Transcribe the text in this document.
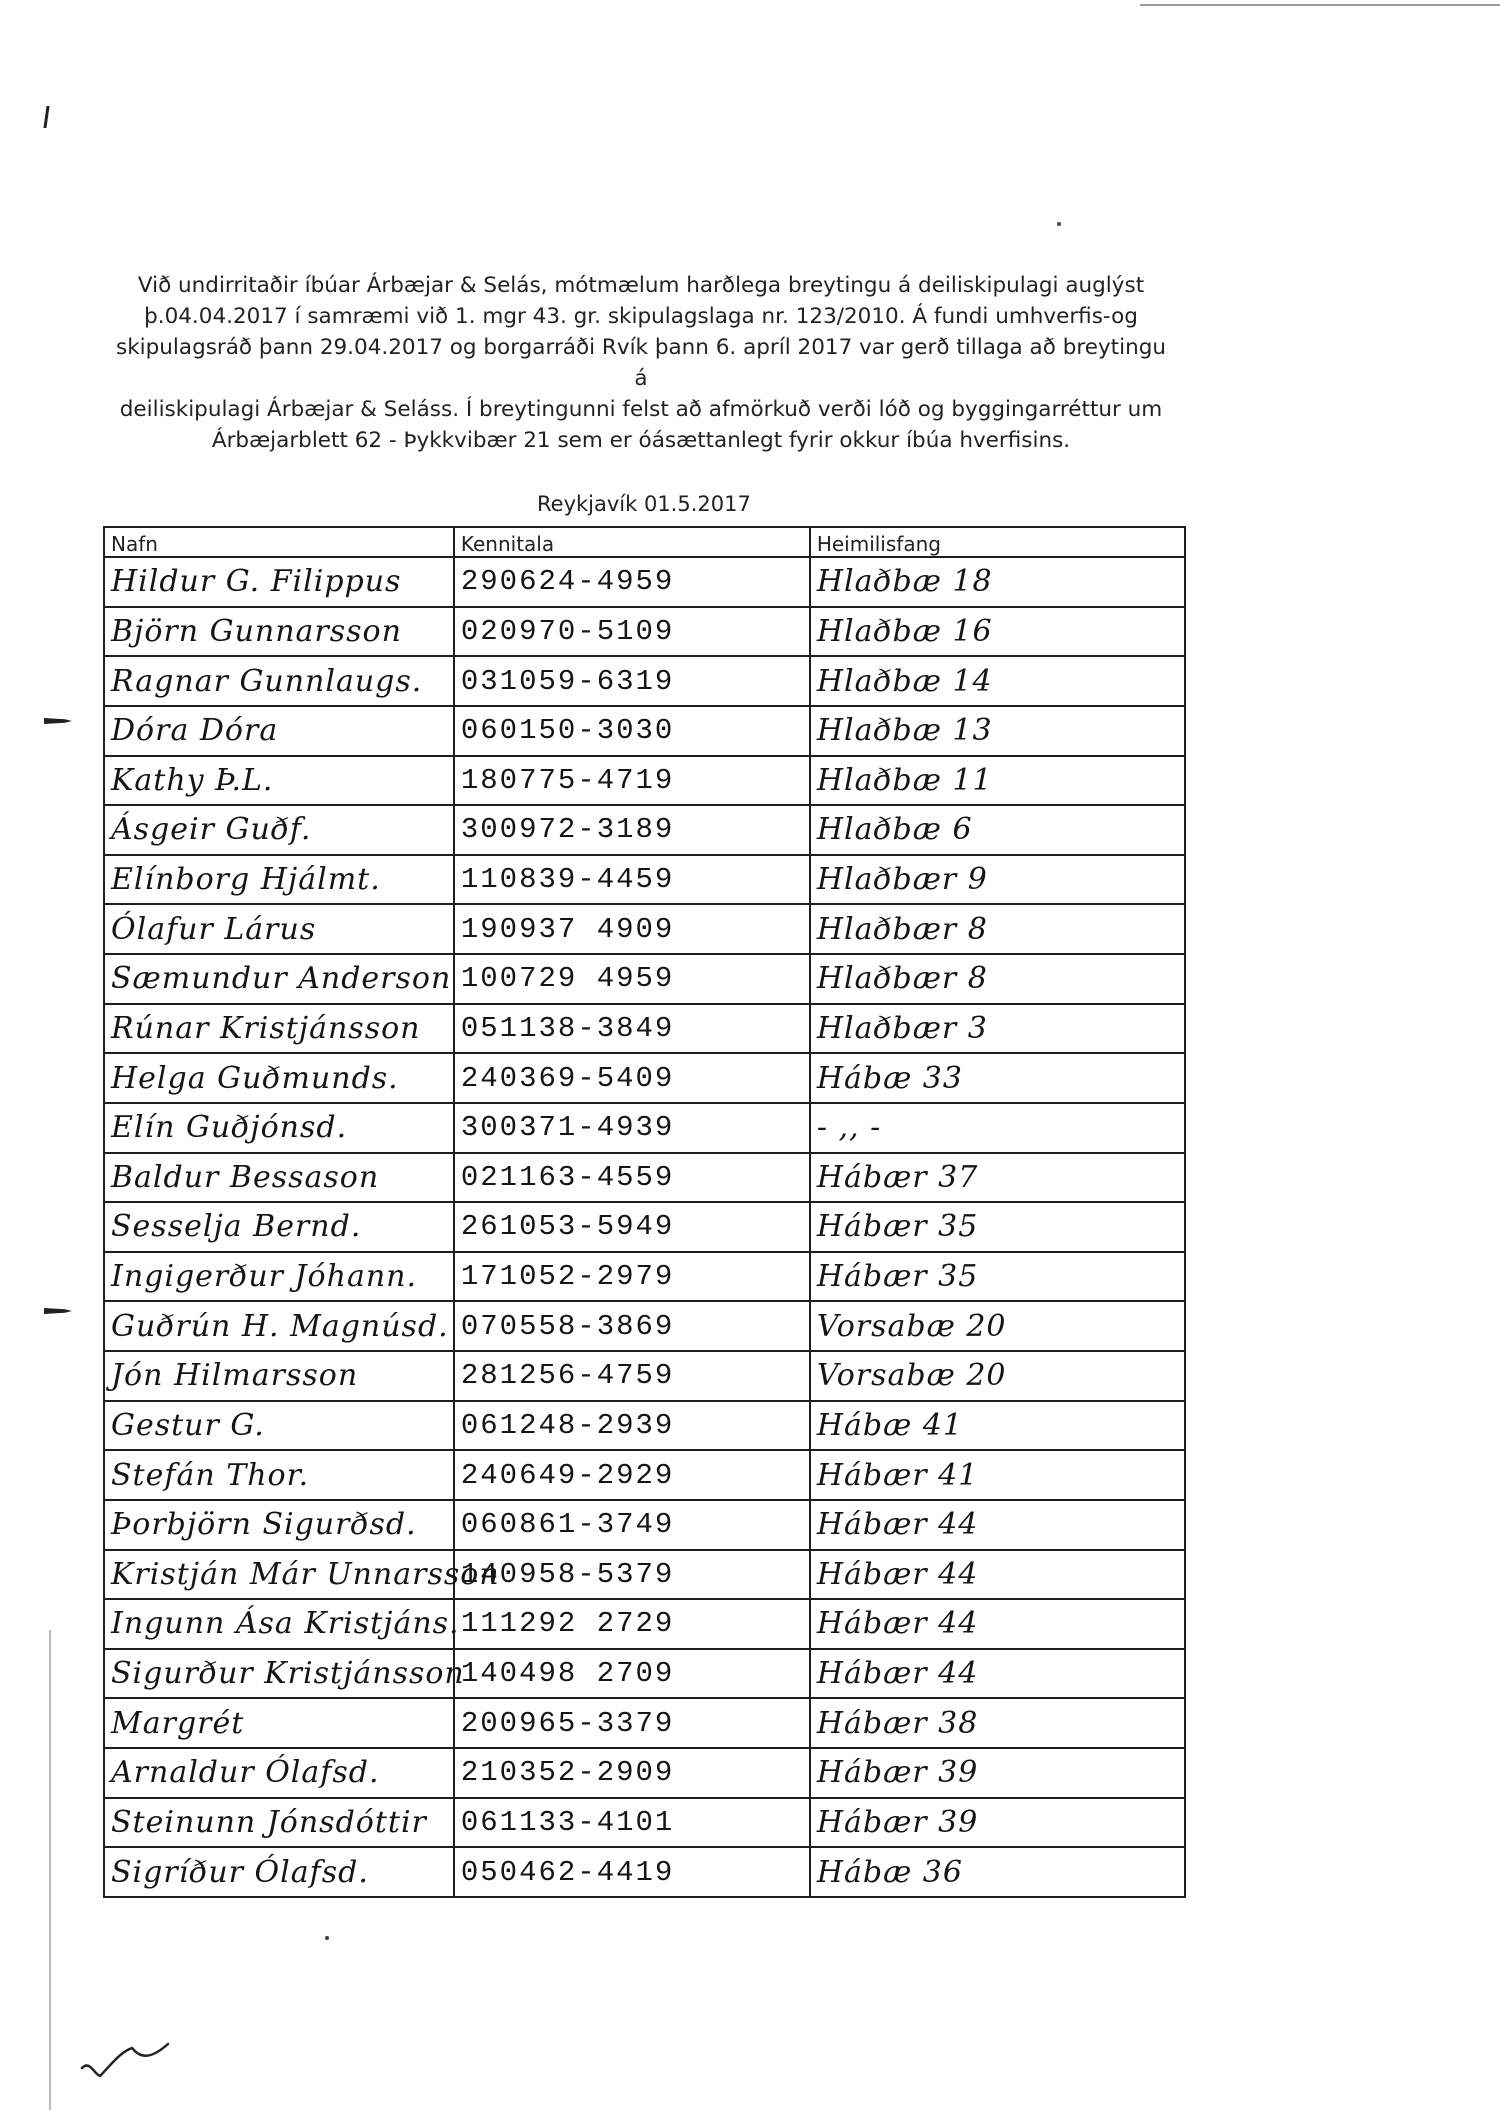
Við undirritaðir íbúar Árbæjar & Selás, mótmælum harðlega breytingu á deiliskipulagi auglýst
þ.04.04.2017 í samræmi við 1. mgr 43. gr. skipulagslaga nr. 123/2010. Á fundi umhverfis-og
skipulagsráð þann 29.04.2017 og borgarráði Rvík þann 6. apríl 2017 var gerð tillaga að breytingu á
deiliskipulagi Árbæjar & Seláss. Í breytingunni felst að afmörkuð verði lóð og byggingarréttur um
Árbæjarblett 62 - Þykkvibær 21 sem er óásættanlegt fyrir okkur íbúa hverfisins.
Reykjavík 01.5.2017
Nafn	Kennitala	Heimilisfang
Hildur G. Filippus	290624-4959	Hlaðbæ 18
Björn Gunnarsson	020970-5109	Hlaðbæ 16
Ragnar Gunnlaugs.	031059-6319	Hlaðbæ 14
Dóra Dóra	060150-3030	Hlaðbæ 13
Kathy Þ.L.	180775-4719	Hlaðbæ 11
Ásgeir Guðf.	300972-3189	Hlaðbæ 6
Elínborg Hjálmt.	110839-4459	Hlaðbær 9
Ólafur Lárus	190937 4909	Hlaðbær 8
Sæmundur Anderson	100729 4959	Hlaðbær 8
Rúnar Kristjánsson	051138-3849	Hlaðbær 3
Helga Guðmunds.	240369-5409	Hábæ 33
Elín Guðjónsd.	300371-4939	- ,, -
Baldur Bessason	021163-4559	Hábær 37
Sesselja Bernd.	261053-5949	Hábær 35
Ingigerður Jóhann.	171052-2979	Hábær 35
Guðrún H. Magnúsd.	070558-3869	Vorsabæ 20
Jón Hilmarsson	281256-4759	Vorsabæ 20
Gestur G.	061248-2939	Hábæ 41
Stefán Thor.	240649-2929	Hábær 41
Þorbjörn Sigurðsd.	060861-3749	Hábær 44
Kristján Már Unnarsson	140958-5379	Hábær 44
Ingunn Ása Kristjáns.	111292 2729	Hábær 44
Sigurður Kristjánsson	140498 2709	Hábær 44
Margrét	200965-3379	Hábær 38
Arnaldur Ólafsd.	210352-2909	Hábær 39
Steinunn Jónsdóttir	061133-4101	Hábær 39
Sigríður Ólafsd.	050462-4419	Hábæ 36
